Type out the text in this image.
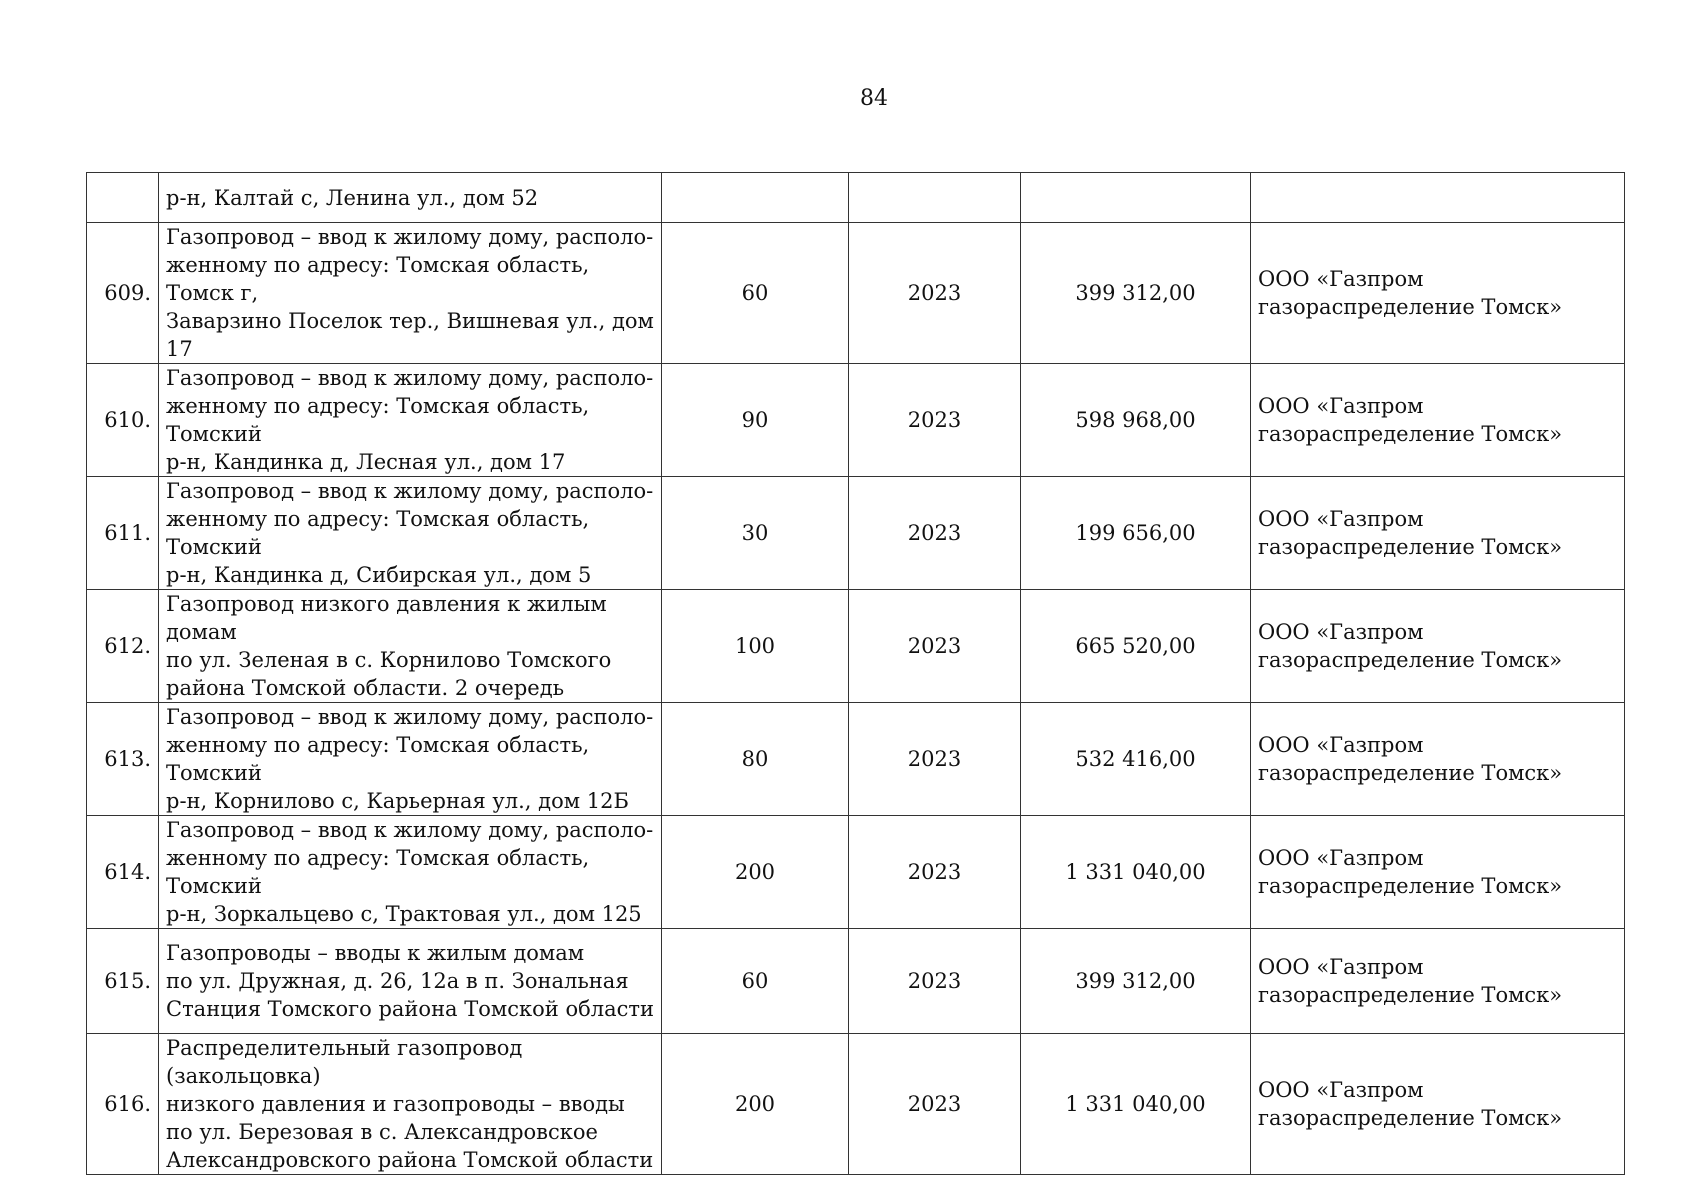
84
	р-н, Калтай с, Ленина ул., дом 52				
609.	Газопровод – ввод к жилому дому, располо-
женному по адресу: Томская область, Томск г,
Заварзино Поселок тер., Вишневая ул., дом 17	60	2023	399 312,00	ООО «Газпром газораспределение Томск»
610.	Газопровод – ввод к жилому дому, располо-
женному по адресу: Томская область, Томский
р-н, Кандинка д, Лесная ул., дом 17	90	2023	598 968,00	ООО «Газпром газораспределение Томск»
611.	Газопровод – ввод к жилому дому, располо-
женному по адресу: Томская область, Томский
р-н, Кандинка д, Сибирская ул., дом 5	30	2023	199 656,00	ООО «Газпром газораспределение Томск»
612.	Газопровод низкого давления к жилым домам
по ул. Зеленая в с. Корнилово Томского
района Томской области. 2 очередь	100	2023	665 520,00	ООО «Газпром газораспределение Томск»
613.	Газопровод – ввод к жилому дому, располо-
женному по адресу: Томская область, Томский
р-н, Корнилово с, Карьерная ул., дом 12Б	80	2023	532 416,00	ООО «Газпром газораспределение Томск»
614.	Газопровод – ввод к жилому дому, располо-
женному по адресу: Томская область, Томский
р-н, Зоркальцево с, Трактовая ул., дом 125	200	2023	1 331 040,00	ООО «Газпром газораспределение Томск»
615.	Газопроводы – вводы к жилым домам
по ул. Дружная, д. 26, 12а в п. Зональная
Станция Томского района Томской области	60	2023	399 312,00	ООО «Газпром газораспределение Томск»
616.	Распределительный газопровод (закольцовка)
низкого давления и газопроводы – вводы
по ул. Березовая в с. Александровское
Александровского района Томской области	200	2023	1 331 040,00	ООО «Газпром газораспределение Томск»
